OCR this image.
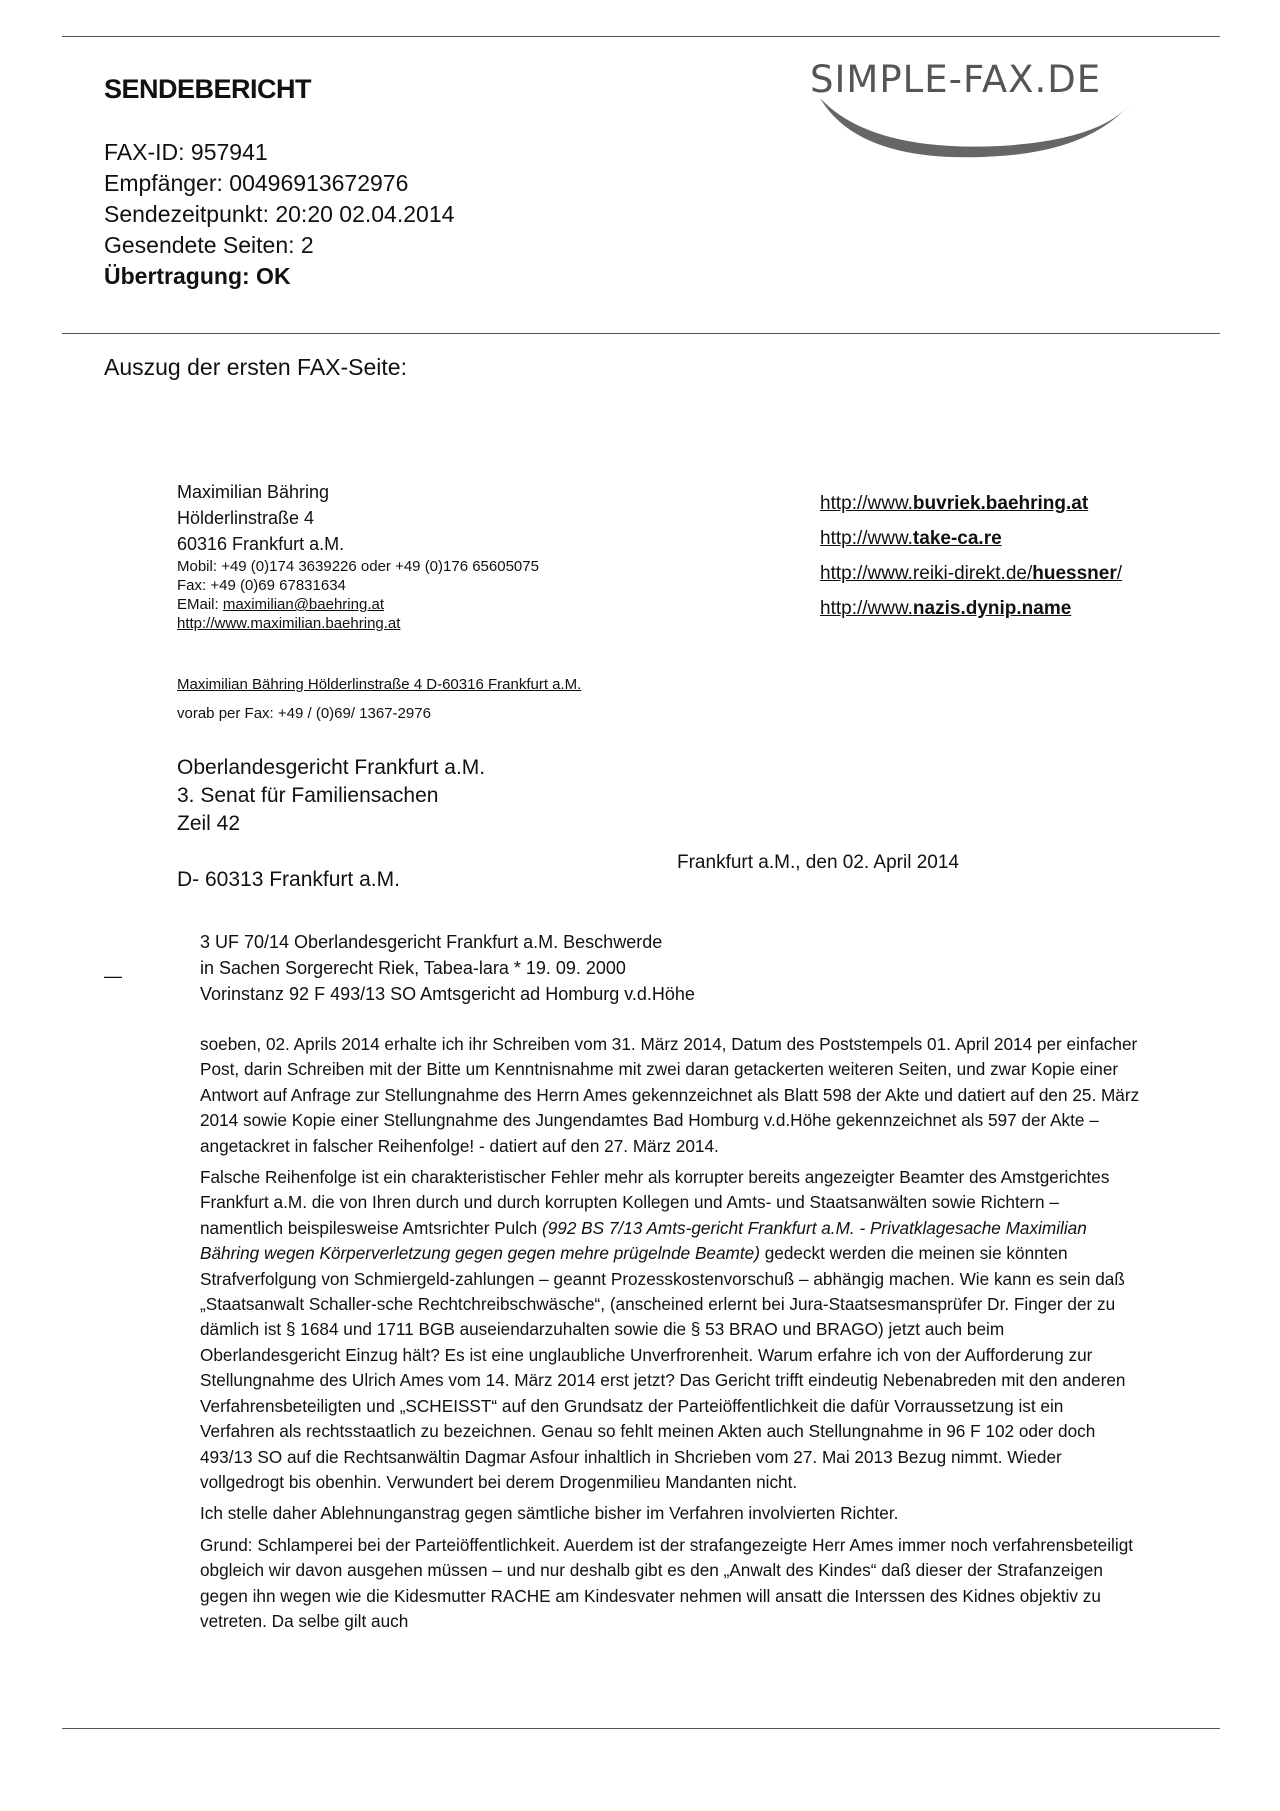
SENDEBERICHT	SIMPLE-FAX.DE
FAX-ID: 957941
Empfänger: 00496913672976
Sendezeitpunkt: 20:20 02.04.2014
Gesendete Seiten: 2
Übertragung: OK
Auszug der ersten FAX-Seite:
Maximilian Bähring
Hölderlinstraße 4
60316 Frankfurt a.M.
Mobil: +49 (0)174 3639226 oder +49 (0)176 65605075
Fax: +49 (0)69 67831634
EMail: maximilian@baehring.at
http://www.maximilian.baehring.at
http://www.buvriek.baehring.at
http://www.take-ca.re
http://www.reiki-direkt.de/huessner/
http://www.nazis.dynip.name
Maximilian Bähring Hölderlinstraße 4 D-60316 Frankfurt a.M.
vorab per Fax: +49 / (0)69/ 1367-2976
Oberlandesgericht Frankfurt a.M.
3. Senat für Familiensachen
Zeil 42
D- 60313 Frankfurt a.M.
Frankfurt a.M., den 02. April 2014
3 UF 70/14 Oberlandesgericht Frankfurt a.M. Beschwerde
in Sachen Sorgerecht Riek, Tabea-lara * 19. 09. 2000
Vorinstanz 92 F 493/13 SO Amtsgericht ad Homburg v.d.Höhe
—

soeben, 02. Aprils 2014 erhalte ich ihr Schreiben vom 31. März 2014, Datum des Poststempels 01. April 2014 per einfacher Post, darin Schreiben mit der Bitte um Kenntnisnahme mit zwei daran getackerten weiteren Seiten, und zwar Kopie einer Antwort auf Anfrage zur Stellungnahme des Herrn Ames gekennzeichnet als Blatt 598 der Akte und datiert auf den 25. März 2014 sowie Kopie einer Stellungnahme des Jungendamtes Bad Homburg v.d.Höhe gekennzeichnet als 597 der Akte – angetackret in falscher Reihenfolge! - datiert auf den 27. März 2014.

Falsche Reihenfolge ist ein charakteristischer Fehler mehr als korrupter bereits angezeigter Beamter des Amstgerichtes Frankfurt a.M. die von Ihren durch und durch korrupten Kollegen und Amts- und Staatsanwälten sowie Richtern – namentlich beispilesweise Amtsrichter Pulch (992 BS 7/13 Amts-gericht Frankfurt a.M. - Privatklagesache Maximilian Bähring wegen Körperverletzung gegen gegen mehre prügelnde Beamte) gedeckt werden die meinen sie könnten Strafverfolgung von Schmiergeld-zahlungen – geannt Prozesskostenvorschuß – abhängig machen. Wie kann es sein daß „Staatsanwalt Schaller-sche Rechtchreibschwäsche“, (anscheined erlernt bei Jura-Staatsesmansprüfer Dr. Finger der zu dämlich ist § 1684 und 1711 BGB auseiendarzuhalten sowie die § 53 BRAO und BRAGO) jetzt auch beim Oberlandesgericht Einzug hält? Es ist eine unglaubliche Unverfrorenheit. Warum erfahre ich von der Aufforderung zur Stellungnahme des Ulrich Ames vom 14. März 2014 erst jetzt? Das Gericht trifft eindeutig Nebenabreden mit den anderen Verfahrensbeteiligten und „SCHEISST“ auf den Grundsatz der Parteiöffentlichkeit die dafür Vorraussetzung ist ein Verfahren als rechtsstaatlich zu bezeichnen. Genau so fehlt meinen Akten auch Stellungnahme in 96 F 102 oder doch 493/13 SO auf die Rechtsanwältin Dagmar Asfour inhaltlich in Shcrieben vom 27. Mai 2013 Bezug nimmt. Wieder vollgedrogt bis obenhin. Verwundert bei derem Drogenmilieu Mandanten nicht.

Ich stelle daher Ablehnunganstrag gegen sämtliche bisher im Verfahren involvierten Richter.

Grund: Schlamperei bei der Parteiöffentlichkeit. Auerdem ist der strafangezeigte Herr Ames immer noch verfahrensbeteiligt obgleich wir davon ausgehen müssen – und nur deshalb gibt es den „Anwalt des Kindes“ daß dieser der Strafanzeigen gegen ihn wegen wie die Kidesmutter RACHE am Kindesvater nehmen will ansatt die Interssen des Kidnes objektiv zu vetreten. Da selbe gilt auch
